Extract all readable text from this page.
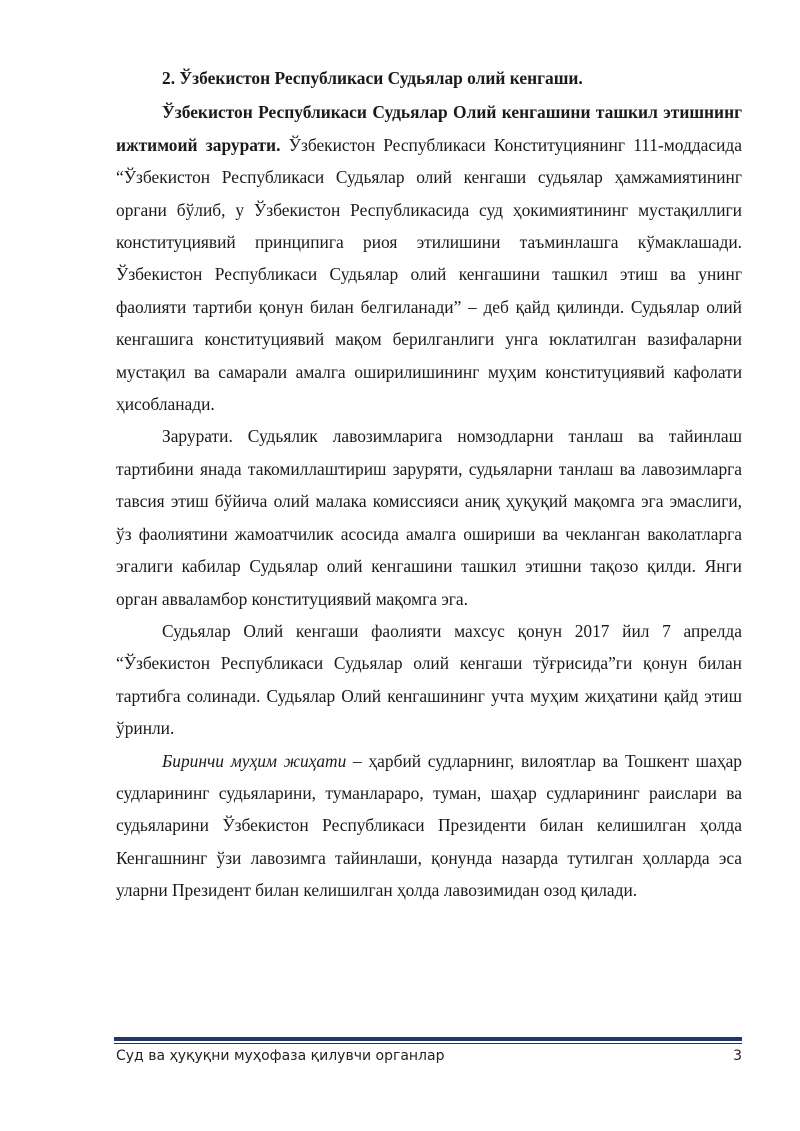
2. Ўзбекистон Республикаси Судьялар олий кенгаши.

Ўзбекистон Республикаси Судьялар Олий кенгашини ташкил этишнинг ижтимоий зарурати. Ўзбекистон Республикаси Конституциянинг 111-моддасида “Ўзбекистон Республикаси Судьялар олий кенгаши судьялар ҳамжамиятининг органи бўлиб, у Ўзбекистон Республикасида суд ҳокимиятининг мустақиллиги конституциявий принципига риоя этилишини таъминлашга кўмаклашади. Ўзбекистон Республикаси Судьялар олий кенгашини ташкил этиш ва унинг фаолияти тартиби қонун билан белгиланади” – деб қайд қилинди. Судьялар олий кенгашига конституциявий мақом берилганлиги унга юклатилган вазифаларни мустақил ва самарали амалга оширилишининг муҳим конституциявий кафолати ҳисобланади.

Зарурати. Судьялик лавозимларига номзодларни танлаш ва тайинлаш тартибини янада такомиллаштириш заруряти, судьяларни танлаш ва лавозимларга тавсия этиш бўйича олий малака комиссияси аниқ ҳуқуқий мақомга эга эмаслиги, ўз фаолиятини жамоатчилик асосида амалга ошириши ва чекланган ваколатларга эгалиги кабилар Судьялар олий кенгашини ташкил этишни тақозо қилди. Янги орган авваламбор конституциявий мақомга эга.

Судьялар Олий кенгаши фаолияти махсус қонун 2017 йил 7 апрелда “Ўзбекистон Республикаси Судьялар олий кенгаши тўғрисида”ги қонун билан тартибга солинади. Судьялар Олий кенгашининг учта муҳим жиҳатини қайд этиш ўринли.

Биринчи муҳим жиҳати – ҳарбий судларнинг, вилоятлар ва Тошкент шаҳар судларининг судьяларини, туманлараро, туман, шаҳар судларининг раислари ва судьяларини Ўзбекистон Республикаси Президенти билан келишилган ҳолда Кенгашнинг ўзи лавозимга тайинлаши, қонунда назарда тутилган ҳолларда эса уларни Президент билан келишилган ҳолда лавозимидан озод қилади.

Суд ва ҳуқуқни муҳофаза қилувчи органлар	3
